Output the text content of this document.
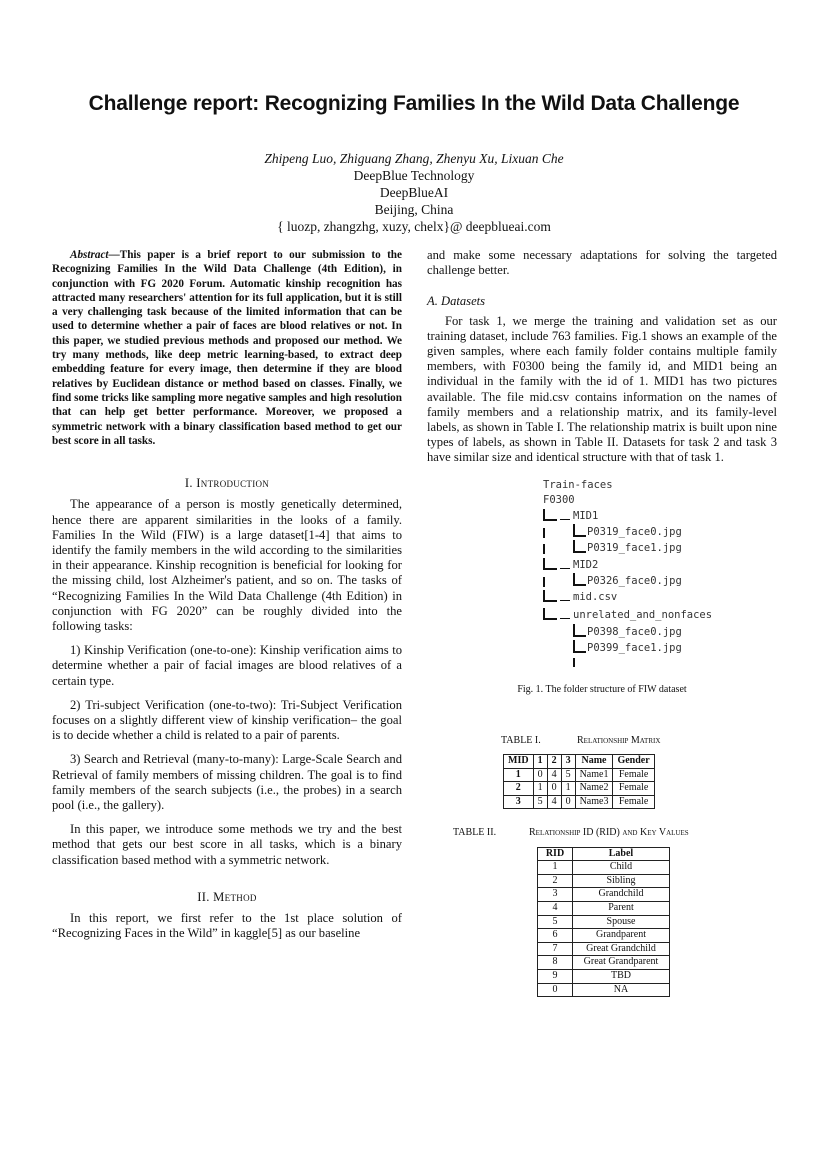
Challenge report: Recognizing Families In the Wild Data Challenge
Zhipeng Luo, Zhiguang Zhang, Zhenyu Xu, Lixuan Che
DeepBlue Technology
DeepBlueAI
Beijing, China
{ luozp, zhangzhg, xuzy, chelx}@ deepblueai.com

Abstract—This paper is a brief report to our submission to the Recognizing Families In the Wild Data Challenge (4th Edition), in conjunction with FG 2020 Forum. Automatic kinship recognition has attracted many researchers' attention for its full application, but it is still a very challenging task because of the limited information that can be used to determine whether a pair of faces are blood relatives or not. In this paper, we studied previous methods and proposed our method. We try many methods, like deep metric learning-based, to extract deep embedding feature for every image, then determine if they are blood relatives by Euclidean distance or method based on classes. Finally, we find some tricks like sampling more negative samples and high resolution that can help get better performance. Moreover, we proposed a symmetric network with a binary classification based method to get our best score in all tasks.

I. Introduction

The appearance of a person is mostly genetically determined, hence there are apparent similarities in the looks of a family. Families In the Wild (FIW) is a large dataset[1-4] that aims to identify the family members in the wild according to the similarities in their appearance. Kinship recognition is beneficial for looking for the missing child, lost Alzheimer's patient, and so on. The tasks of “Recognizing Families In the Wild Data Challenge (4th Edition) in conjunction with FG 2020” can be roughly divided into the following tasks:

1) Kinship Verification (one-to-one): Kinship verification aims to determine whether a pair of facial images are blood relatives of a certain type.

2) Tri-subject Verification (one-to-two): Tri-Subject Verification focuses on a slightly different view of kinship verification– the goal is to decide whether a child is related to a pair of parents.

3) Search and Retrieval (many-to-many): Large-Scale Search and Retrieval of family members of missing children. The goal is to find family members of the search subjects (i.e., the probes) in a search pool (i.e., the gallery).

In this paper, we introduce some methods we try and the best method that gets our best score in all tasks, which is a binary classification based method with a symmetric network.

II. Method

In this report, we first refer to the 1st place solution of “Recognizing Faces in the Wild” in kaggle[5] as our baseline

and make some necessary adaptations for solving the targeted challenge better.

A. Datasets

For task 1, we merge the training and validation set as our training dataset, include 763 families. Fig.1 shows an example of the given samples, where each family folder contains multiple family members, with F0300 being the family id, and MID1 being an individual in the family with the id of 1. MID1 has two pictures available. The file mid.csv contains information on the names of family members and a relationship matrix, and its family-level labels, as shown in Table I. The relationship matrix is built upon nine types of labels, as shown in Table II. Datasets for task 2 and task 3 have similar size and identical structure with that of task 1.

Train-faces
F0300
MID1
P0319_face0.jpg
P0319_face1.jpg
MID2
P0326_face0.jpg
mid.csv
unrelated_and_nonfaces
P0398_face0.jpg
P0399_face1.jpg
Fig. 1. The folder structure of FIW dataset
TABLE I.	Relationship Matrix
MID	1	2	3	Name	Gender
1	0	4	5	Name1	Female
2	1	0	1	Name2	Female
3	5	4	0	Name3	Female
TABLE II.	Relationship ID (RID) and Key Values
RID	Label
1	Child
2	Sibling
3	Grandchild
4	Parent
5	Spouse
6	Grandparent
7	Great Grandchild
8	Great Grandparent
9	TBD
0	NA
